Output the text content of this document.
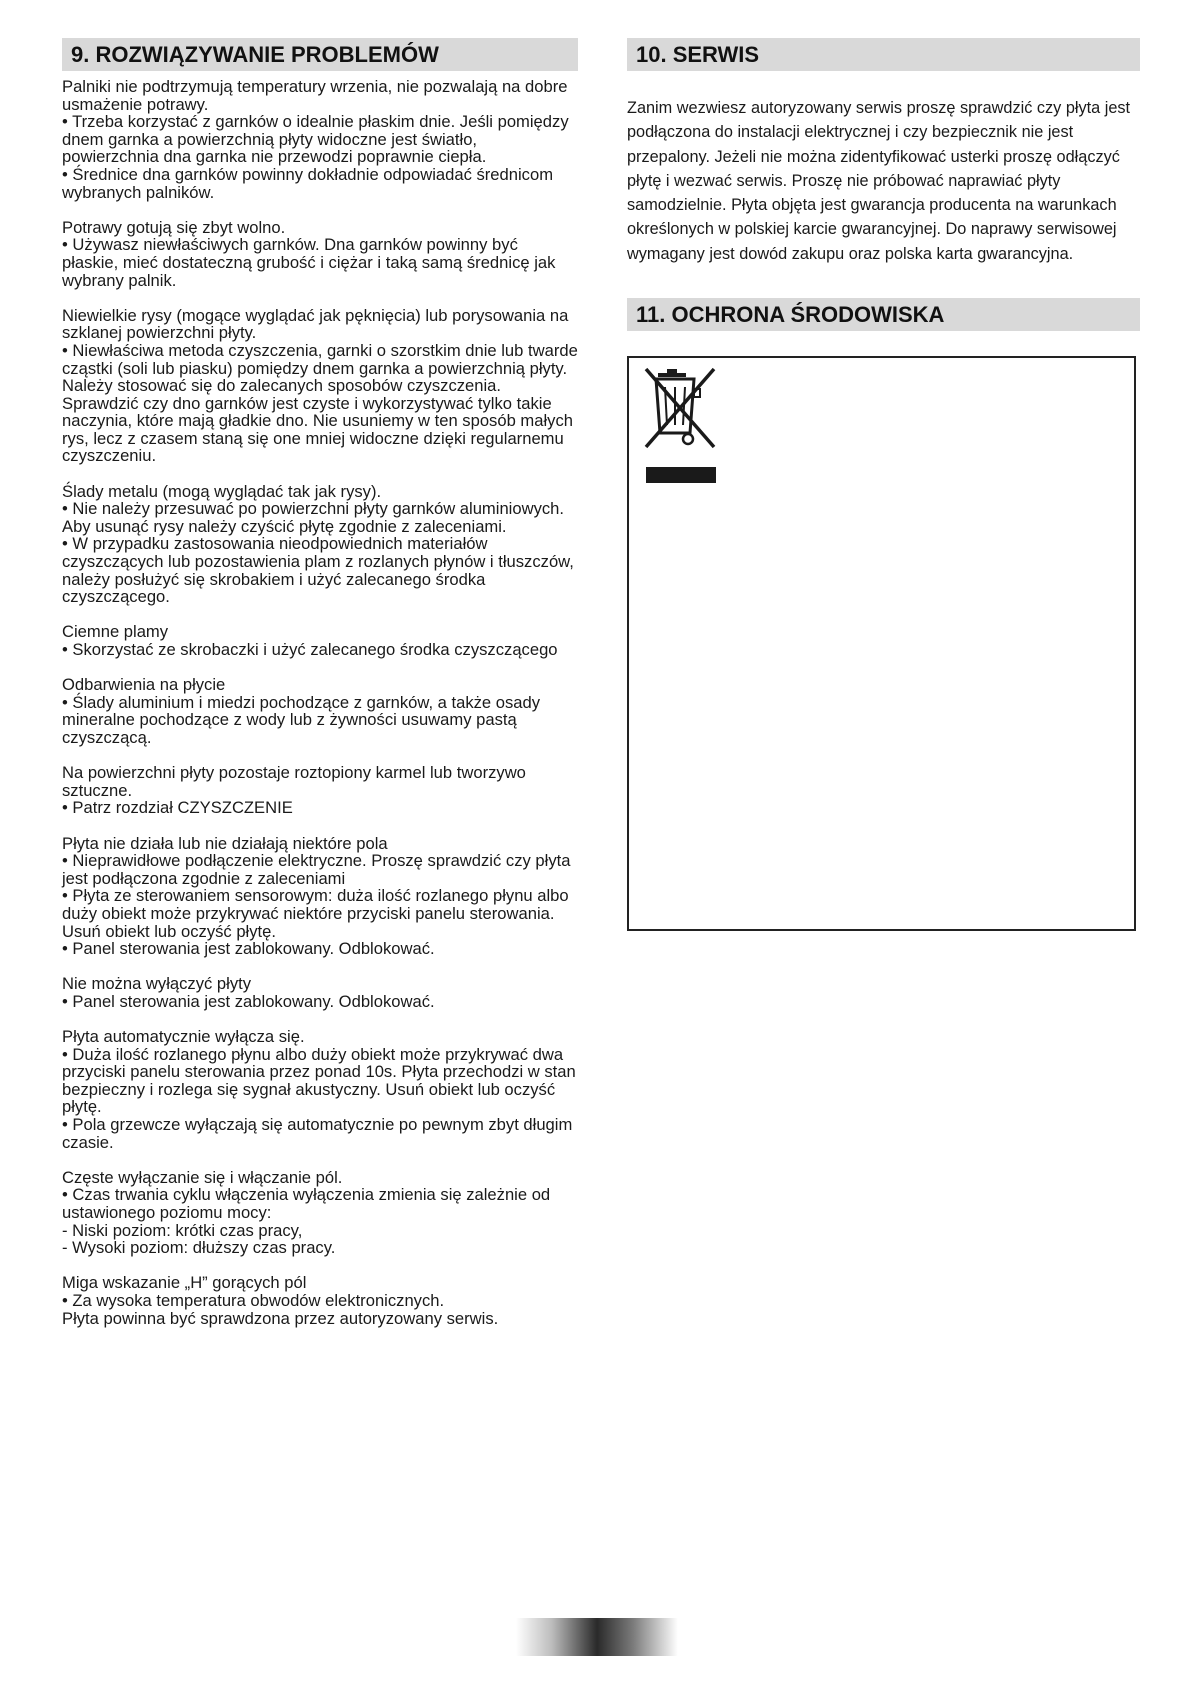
9. ROZWIĄZYWANIE PROBLEMÓW
Palniki nie podtrzymują temperatury wrzenia, nie pozwalają na dobre usmażenie potrawy.
• Trzeba korzystać z garnków o idealnie płaskim dnie. Jeśli pomiędzy dnem garnka a powierzchnią płyty widoczne jest światło, powierzchnia dna garnka nie przewodzi poprawnie ciepła.
• Średnice dna garnków powinny dokładnie odpowiadać średnicom wybranych palników.
Potrawy gotują się zbyt wolno.
• Używasz niewłaściwych garnków. Dna garnków powinny być płaskie, mieć dostateczną grubość i ciężar i taką samą średnicę jak wybrany palnik.
Niewielkie rysy (mogące wyglądać jak pęknięcia) lub porysowania na szklanej powierzchni płyty.
• Niewłaściwa metoda czyszczenia, garnki o szorstkim dnie lub twarde cząstki (soli lub piasku) pomiędzy dnem garnka a powierzchnią płyty. Należy stosować się do zalecanych sposobów czyszczenia. Sprawdzić czy dno garnków jest czyste i wykorzystywać tylko takie naczynia, które mają gładkie dno. Nie usuniemy w ten sposób małych rys, lecz z czasem staną się one mniej widoczne dzięki regularnemu czyszczeniu.
Ślady metalu (mogą wyglądać tak jak rysy).
• Nie należy przesuwać po powierzchni płyty garnków aluminiowych. Aby usunąć rysy należy czyścić płytę zgodnie z zaleceniami.
• W przypadku zastosowania nieodpowiednich materiałów czyszczących lub pozostawienia plam z rozlanych płynów i tłuszczów, należy posłużyć się skrobakiem i użyć zalecanego środka czyszczącego.
Ciemne plamy
• Skorzystać ze skrobaczki i użyć zalecanego środka czyszczącego
Odbarwienia na płycie
• Ślady aluminium i miedzi pochodzące z garnków, a także osady mineralne pochodzące z wody lub z żywności usuwamy pastą czyszczącą.
Na powierzchni płyty pozostaje roztopiony karmel lub tworzywo sztuczne.
• Patrz rozdział CZYSZCZENIE
Płyta nie działa lub nie działają niektóre pola
• Nieprawidłowe podłączenie elektryczne. Proszę sprawdzić czy płyta jest podłączona zgodnie z zaleceniami
• Płyta ze sterowaniem sensorowym: duża ilość rozlanego płynu albo duży obiekt może przykrywać niektóre przyciski panelu sterowania. Usuń obiekt lub oczyść płytę.
• Panel sterowania jest zablokowany. Odblokować.
Nie można wyłączyć płyty
• Panel sterowania jest zablokowany. Odblokować.
Płyta automatycznie wyłącza się.
• Duża ilość rozlanego płynu albo duży obiekt może przykrywać dwa przyciski panelu sterowania przez ponad 10s. Płyta przechodzi w stan bezpieczny i rozlega się sygnał akustyczny. Usuń obiekt lub oczyść płytę.
• Pola grzewcze wyłączają się automatycznie po pewnym zbyt długim czasie.
Częste wyłączanie się i włączanie pól.
• Czas trwania cyklu włączenia wyłączenia zmienia się zależnie od ustawionego poziomu mocy:
- Niski poziom: krótki czas pracy,
- Wysoki poziom: dłuższy czas pracy.
Miga wskazanie „H” gorących pól
• Za wysoka temperatura obwodów elektronicznych.
Płyta powinna być sprawdzona przez autoryzowany serwis.
10. SERWIS

Zanim wezwiesz autoryzowany serwis proszę sprawdzić czy płyta jest podłączona do instalacji elektrycznej i czy bezpiecznik nie jest przepalony. Jeżeli nie można zidentyfikować usterki proszę odłączyć płytę i wezwać serwis. Proszę nie próbować naprawiać płyty samodzielnie. Płyta objęta jest gwarancja producenta na warunkach określonych w polskiej karcie gwarancyjnej. Do naprawy serwisowej wymagany jest dowód zakupu oraz polska karta gwarancyjna.

11. OCHRONA ŚRODOWISKA
